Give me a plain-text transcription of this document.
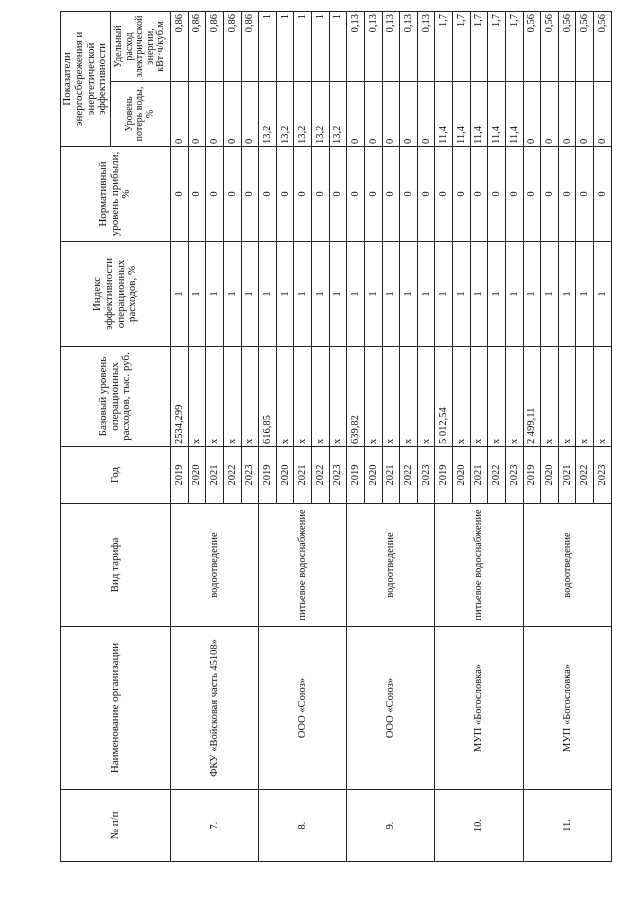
№ п/п	Наименование организации	Вид тарифа	Год	Базовый уровень операционных расходов, тыс. руб.	Индекс эффективности операционных расходов, %	Нормативный уровень прибыли, %	Показатели энергосбережения и энергетической эффективности	
							Уровень потерь воды, %	Удельный расход электрической энергии, кВт·ч/куб.м
7.	ФКУ «Войсковая часть 45108»	водоотведение	2019	2534,299	1	0	0	0,86
			2020	х	1	0	0	0,86
			2021	х	1	0	0	0,86
			2022	х	1	0	0	0,86
			2023	х	1	0	0	0,86
8.	ООО «Союз»	питьевое водоснабжение	2019	616,85	1	0	13,2	1
			2020	х	1	0	13,2	1
			2021	х	1	0	13,2	1
			2022	х	1	0	13,2	1
			2023	х	1	0	13,2	1
9.	ООО «Союз»	водоотведение	2019	639,82	1	0	0	0,13
			2020	х	1	0	0	0,13
			2021	х	1	0	0	0,13
			2022	х	1	0	0	0,13
			2023	х	1	0	0	0,13
10.	МУП «Богословка»	питьевое водоснабжение	2019	5 012,54	1	0	11,4	1,7
			2020	х	1	0	11,4	1,7
			2021	х	1	0	11,4	1,7
			2022	х	1	0	11,4	1,7
			2023	х	1	0	11,4	1,7
11.	МУП «Богословка»	водоотведение	2019	2 499,11	1	0	0	0,56
			2020	х	1	0	0	0,56
			2021	х	1	0	0	0,56
			2022	х	1	0	0	0,56
			2023	х	1	0	0	0,56
